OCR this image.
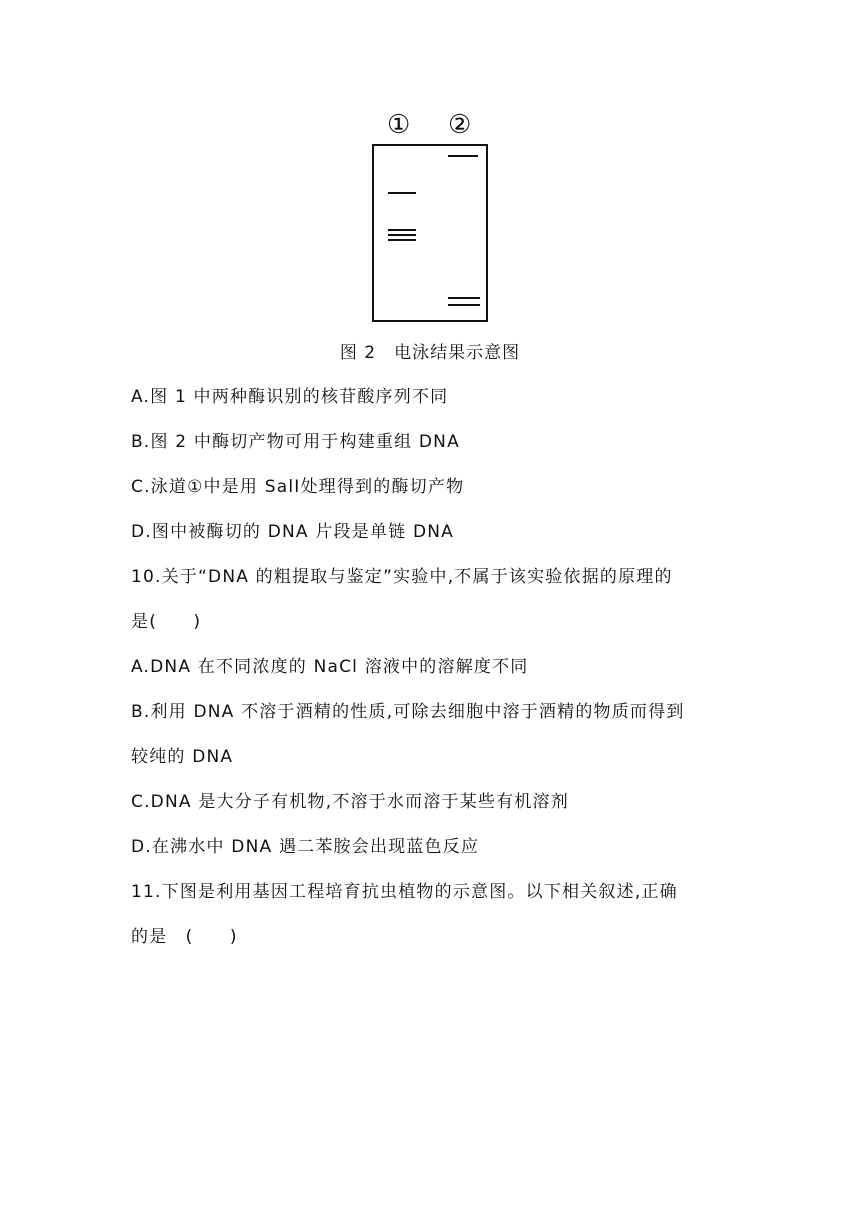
① ②
图 2 电泳结果示意图
A.图 1 中两种酶识别的核苷酸序列不同
B.图 2 中酶切产物可用于构建重组 DNA
C.泳道①中是用 SalⅠ处理得到的酶切产物
D.图中被酶切的 DNA 片段是单链 DNA
10.关于“DNA 的粗提取与鉴定”实验中,不属于该实验依据的原理的
是(　　)
A.DNA 在不同浓度的 NaCl 溶液中的溶解度不同
B.利用 DNA 不溶于酒精的性质,可除去细胞中溶于酒精的物质而得到
较纯的 DNA
C.DNA 是大分子有机物,不溶于水而溶于某些有机溶剂
D.在沸水中 DNA 遇二苯胺会出现蓝色反应
11.下图是利用基因工程培育抗虫植物的示意图。以下相关叙述,正确
的是　(　　)
